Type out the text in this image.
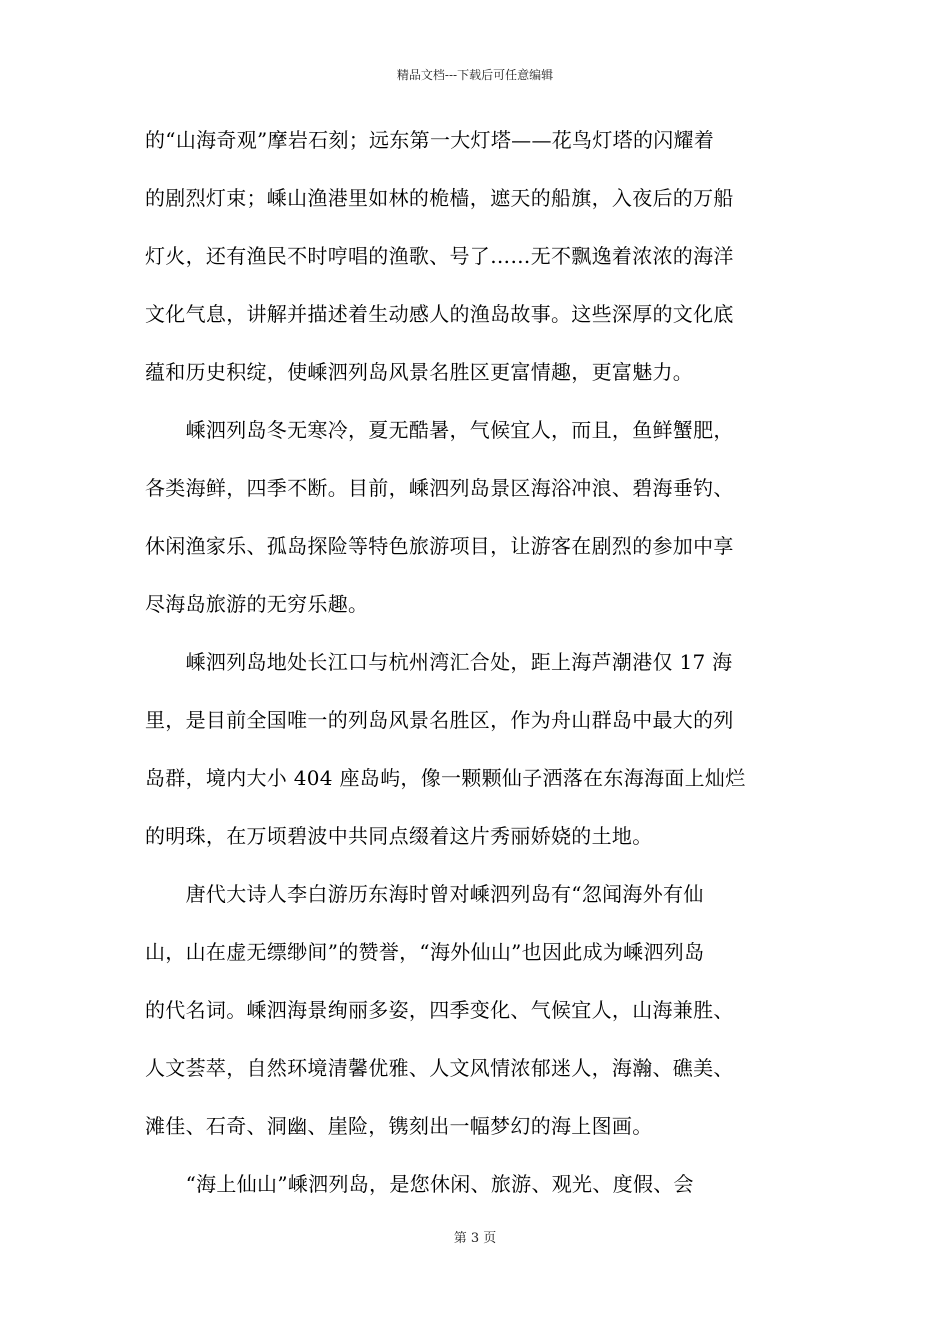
精品文档---下载后可任意编辑
的“山海奇观”摩岩石刻；远东第一大灯塔——花鸟灯塔的闪耀着
的剧烈灯束；嵊山渔港里如林的桅樯，遮天的船旗，入夜后的万船
灯火，还有渔民不时哼唱的渔歌、号了……无不飘逸着浓浓的海洋
文化气息，讲解并描述着生动感人的渔岛故事。这些深厚的文化底
蕴和历史积绽，使嵊泗列岛风景名胜区更富情趣，更富魅力。
　　嵊泗列岛冬无寒冷，夏无酷暑，气候宜人，而且，鱼鲜蟹肥，
各类海鲜，四季不断。目前，嵊泗列岛景区海浴冲浪、碧海垂钓、
休闲渔家乐、孤岛探险等特色旅游项目，让游客在剧烈的参加中享
尽海岛旅游的无穷乐趣。
　　嵊泗列岛地处长江口与杭州湾汇合处，距上海芦潮港仅 17 海
里，是目前全国唯一的列岛风景名胜区，作为舟山群岛中最大的列
岛群，境内大小 404 座岛屿，像一颗颗仙子洒落在东海海面上灿烂
的明珠，在万顷碧波中共同点缀着这片秀丽娇娆的土地。
　　唐代大诗人李白游历东海时曾对嵊泗列岛有“忽闻海外有仙
山，山在虚无缥缈间”的赞誉，“海外仙山”也因此成为嵊泗列岛
的代名词。嵊泗海景绚丽多姿，四季变化、气候宜人，山海兼胜、
人文荟萃，自然环境清馨优雅、人文风情浓郁迷人，海瀚、礁美、
滩佳、石奇、洞幽、崖险，镌刻出一幅梦幻的海上图画。
　　“海上仙山”嵊泗列岛，是您休闲、旅游、观光、度假、会
第 3 页
